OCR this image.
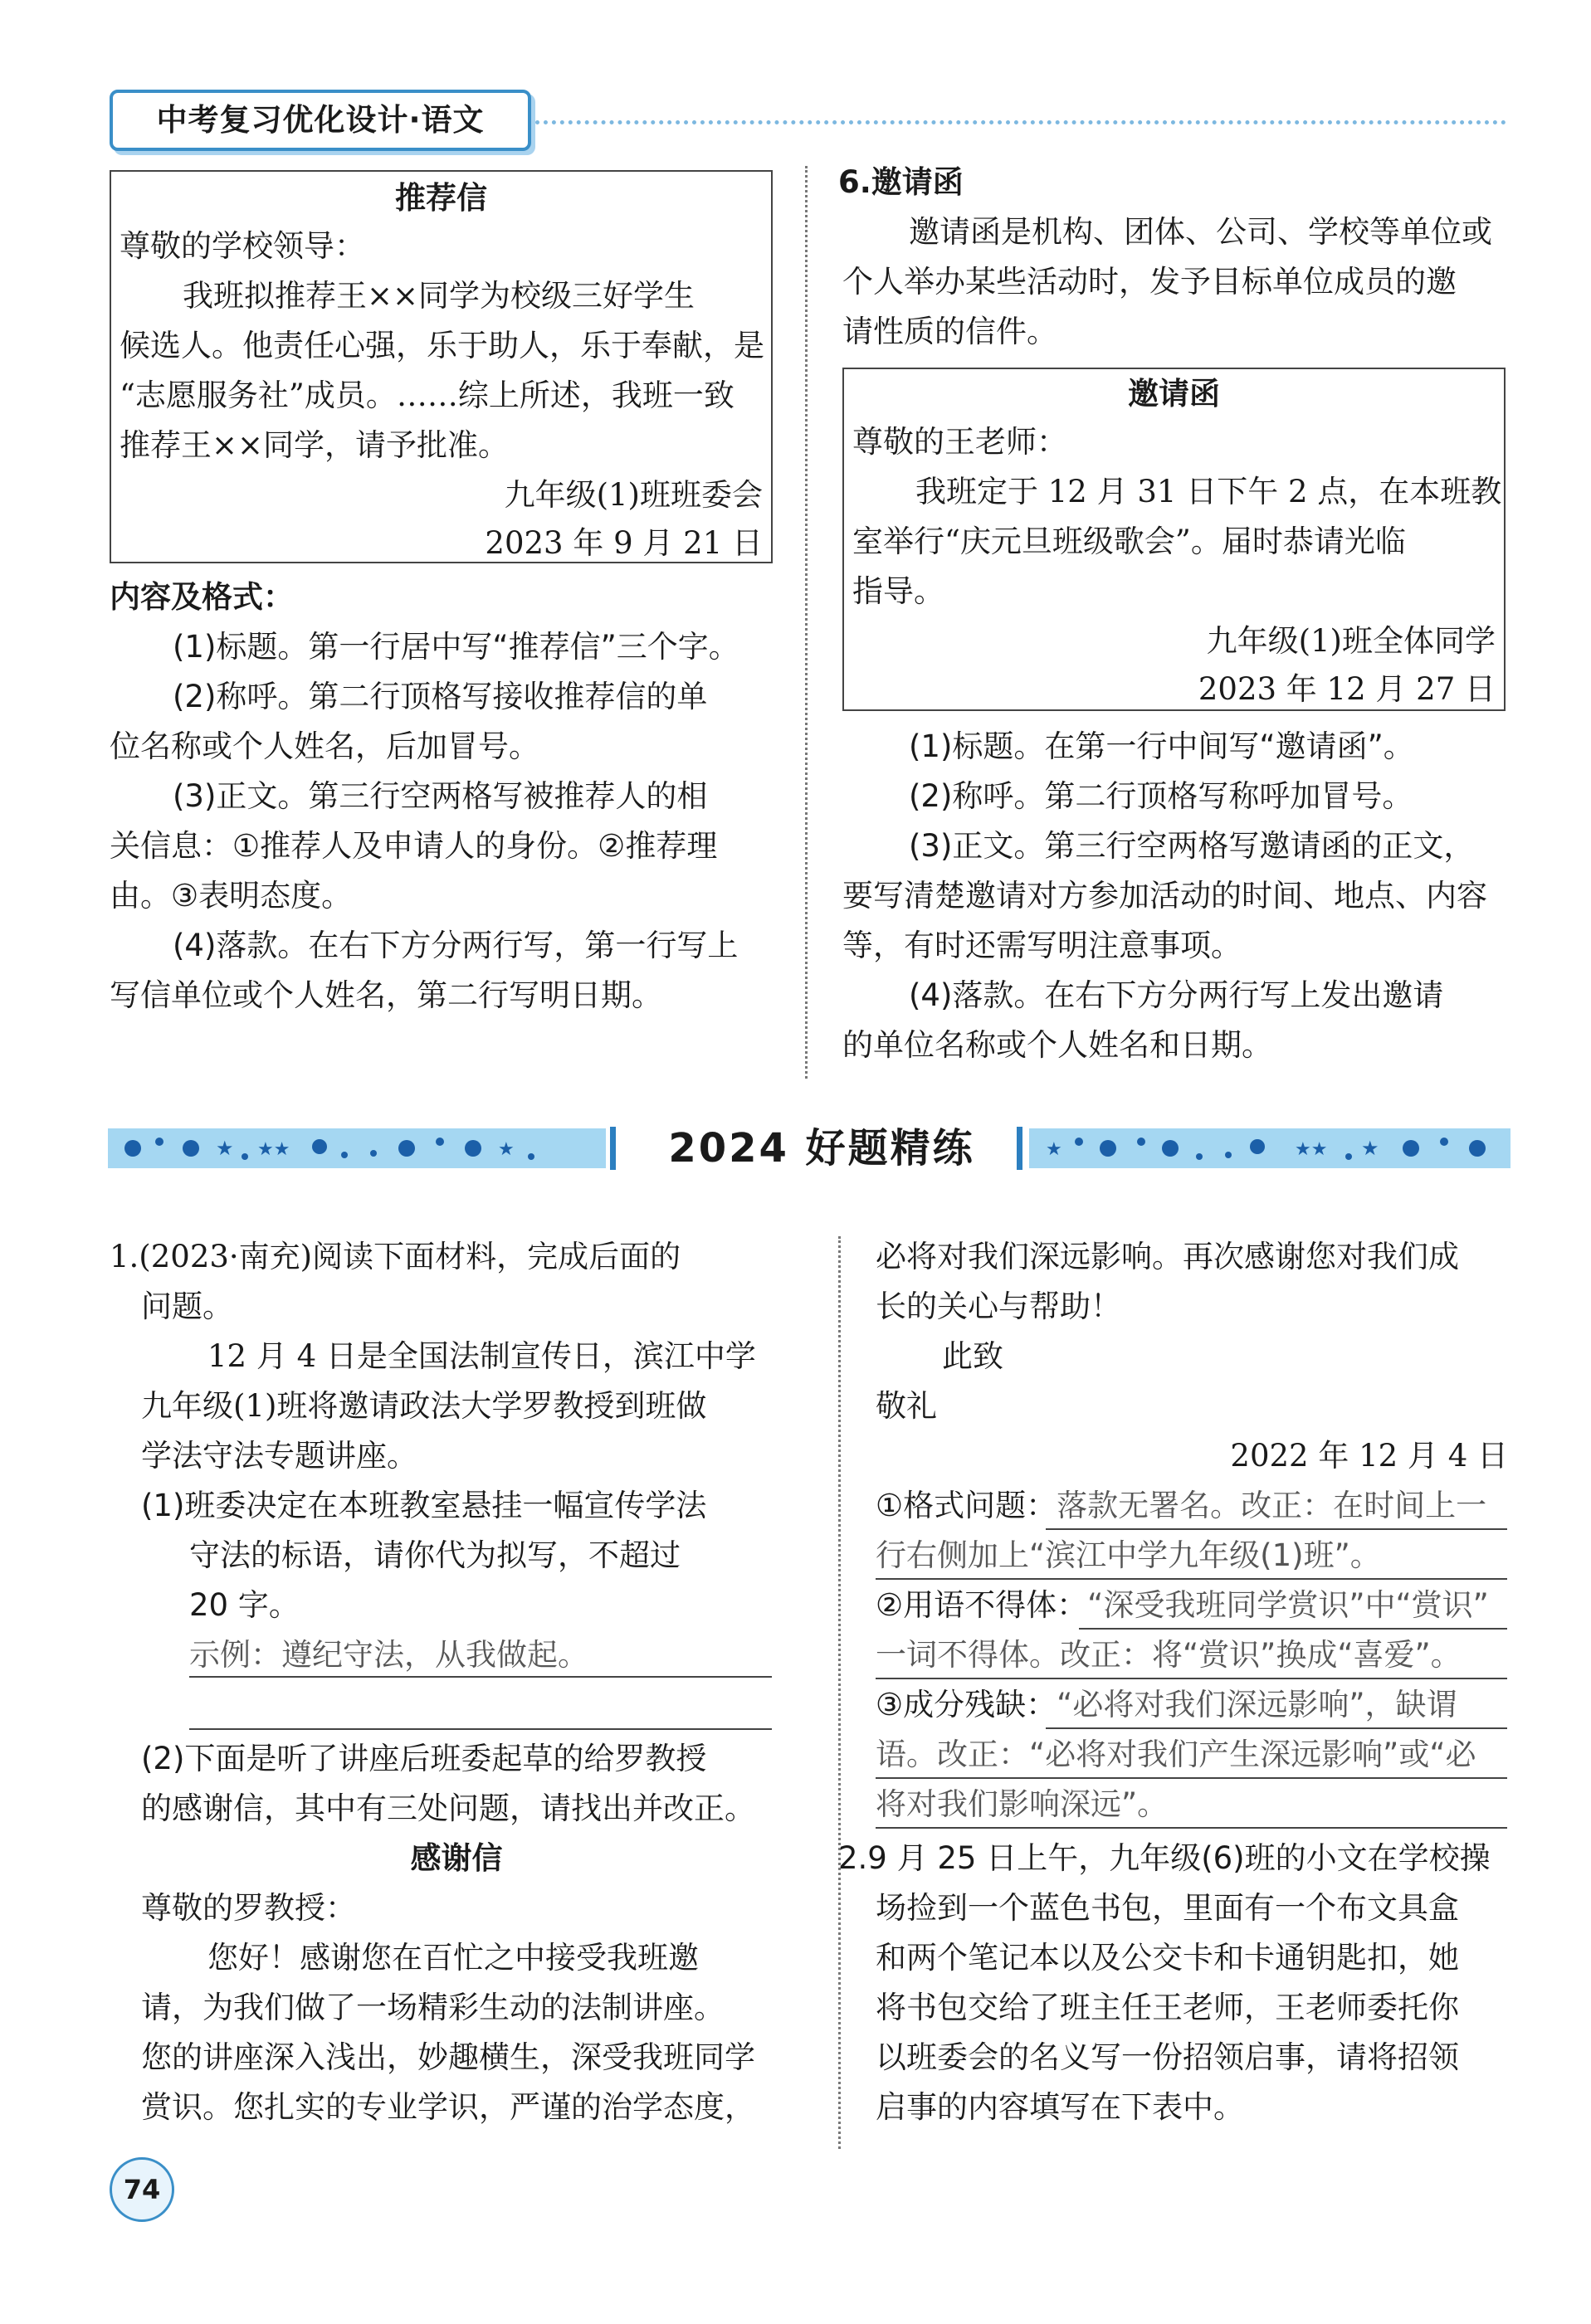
中考复习优化设计·语文
推荐信
尊敬的学校领导：
我班拟推荐王××同学为校级三好学生
候选人。他责任心强，乐于助人，乐于奉献，是
“志愿服务社”成员。……综上所述，我班一致
推荐王××同学，请予批准。
九年级(1)班班委会
2023 年 9 月 21 日
内容及格式：
(1)标题。第一行居中写“推荐信”三个字。
(2)称呼。第二行顶格写接收推荐信的单
位名称或个人姓名，后加冒号。
(3)正文。第三行空两格写被推荐人的相
关信息：①推荐人及申请人的身份。②推荐理
由。③表明态度。
(4)落款。在右下方分两行写，第一行写上
写信单位或个人姓名，第二行写明日期。
6.邀请函
邀请函是机构、团体、公司、学校等单位或
个人举办某些活动时，发予目标单位成员的邀
请性质的信件。
邀请函
尊敬的王老师：
我班定于 12 月 31 日下午 2 点，在本班教
室举行“庆元旦班级歌会”。届时恭请光临
指导。
九年级(1)班全体同学
2023 年 12 月 27 日
(1)标题。在第一行中间写“邀请函”。
(2)称呼。第二行顶格写称呼加冒号。
(3)正文。第三行空两格写邀请函的正文，
要写清楚邀请对方参加活动的时间、地点、内容
等，有时还需写明注意事项。
(4)落款。在右下方分两行写上发出邀请
的单位名称或个人姓名和日期。
★ ★★	★	2024 好题精练	★	★★ ★
1.(2023·南充)阅读下面材料，完成后面的
问题。
12 月 4 日是全国法制宣传日，滨江中学
九年级(1)班将邀请政法大学罗教授到班做
学法守法专题讲座。
(1)班委决定在本班教室悬挂一幅宣传学法
守法的标语，请你代为拟写，不超过
20 字。
示例：遵纪守法，从我做起。
(2)下面是听了讲座后班委起草的给罗教授
的感谢信，其中有三处问题，请找出并改正。
感谢信
尊敬的罗教授：
您好！感谢您在百忙之中接受我班邀
请，为我们做了一场精彩生动的法制讲座。
您的讲座深入浅出，妙趣横生，深受我班同学
赏识。您扎实的专业学识，严谨的治学态度，
必将对我们深远影响。再次感谢您对我们成
长的关心与帮助！
此致
敬礼
2022 年 12 月 4 日
①格式问题：落款无署名。改正：在时间上一
行右侧加上“滨江中学九年级(1)班”。
②用语不得体：“深受我班同学赏识”中“赏识”
一词不得体。改正：将“赏识”换成“喜爱”。
③成分残缺：“必将对我们深远影响”，缺谓
语。改正：“必将对我们产生深远影响”或“必
将对我们影响深远”。
2.9 月 25 日上午，九年级(6)班的小文在学校操
场捡到一个蓝色书包，里面有一个布文具盒
和两个笔记本以及公交卡和卡通钥匙扣，她
将书包交给了班主任王老师，王老师委托你
以班委会的名义写一份招领启事，请将招领
启事的内容填写在下表中。
74
